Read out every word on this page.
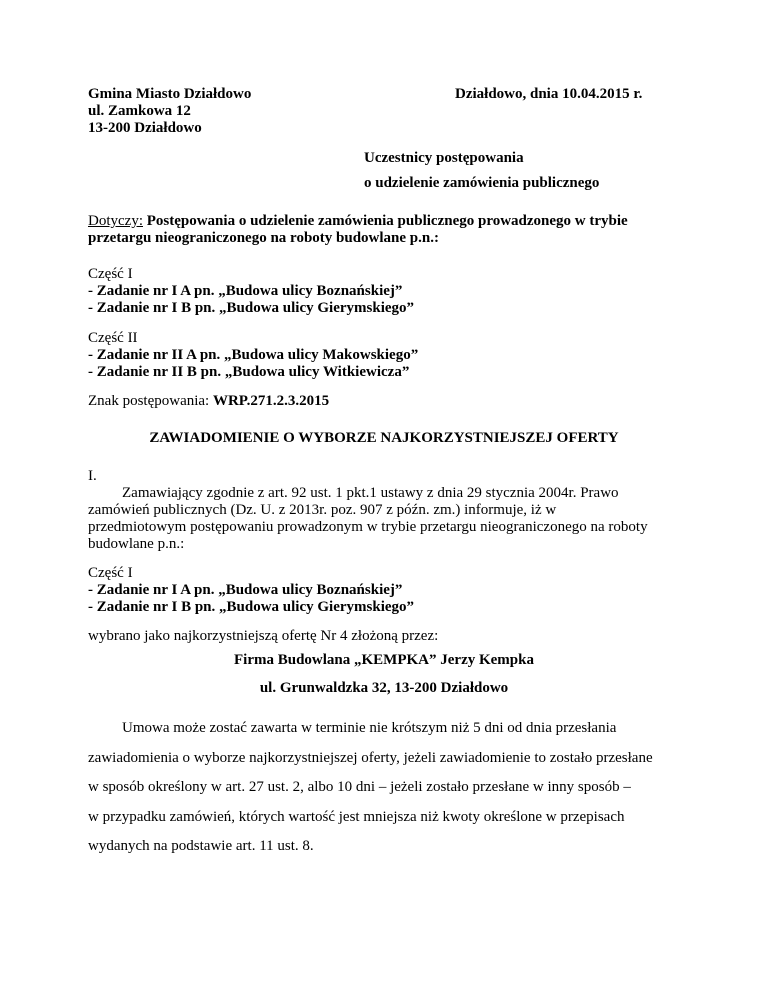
Gmina Miasto Działdowo
ul. Zamkowa 12
13-200 Działdowo
Działdowo, dnia 10.04.2015 r.
Uczestnicy postępowania
o udzielenie zamówienia publicznego
Dotyczy: Postępowania o udzielenie zamówienia publicznego prowadzonego w trybie
przetargu nieograniczonego na roboty budowlane p.n.:
Część I
- Zadanie nr I A pn. „Budowa ulicy Boznańskiej”
- Zadanie nr I B pn. „Budowa ulicy Gierymskiego”
Część II
- Zadanie nr II A pn. „Budowa ulicy Makowskiego”
- Zadanie nr II B pn. „Budowa ulicy Witkiewicza”
Znak postępowania: WRP.271.2.3.2015
ZAWIADOMIENIE O WYBORZE NAJKORZYSTNIEJSZEJ OFERTY
I.
Zamawiający zgodnie z art. 92 ust. 1 pkt.1 ustawy z dnia 29 stycznia 2004r. Prawo
zamówień publicznych (Dz. U. z 2013r. poz. 907 z późn. zm.) informuje, iż w
przedmiotowym postępowaniu prowadzonym w trybie przetargu nieograniczonego na roboty
budowlane p.n.:
Część I
- Zadanie nr I A pn. „Budowa ulicy Boznańskiej”
- Zadanie nr I B pn. „Budowa ulicy Gierymskiego”
wybrano jako najkorzystniejszą ofertę Nr 4 złożoną przez:
Firma Budowlana „KEMPKA” Jerzy Kempka
ul. Grunwaldzka 32, 13-200 Działdowo
Umowa może zostać zawarta w terminie nie krótszym niż 5 dni od dnia przesłania
zawiadomienia o wyborze najkorzystniejszej oferty, jeżeli zawiadomienie to zostało przesłane
w sposób określony w art. 27 ust. 2, albo 10 dni – jeżeli zostało przesłane w inny sposób –
w przypadku zamówień, których wartość jest mniejsza niż kwoty określone w przepisach
wydanych na podstawie art. 11 ust. 8.
